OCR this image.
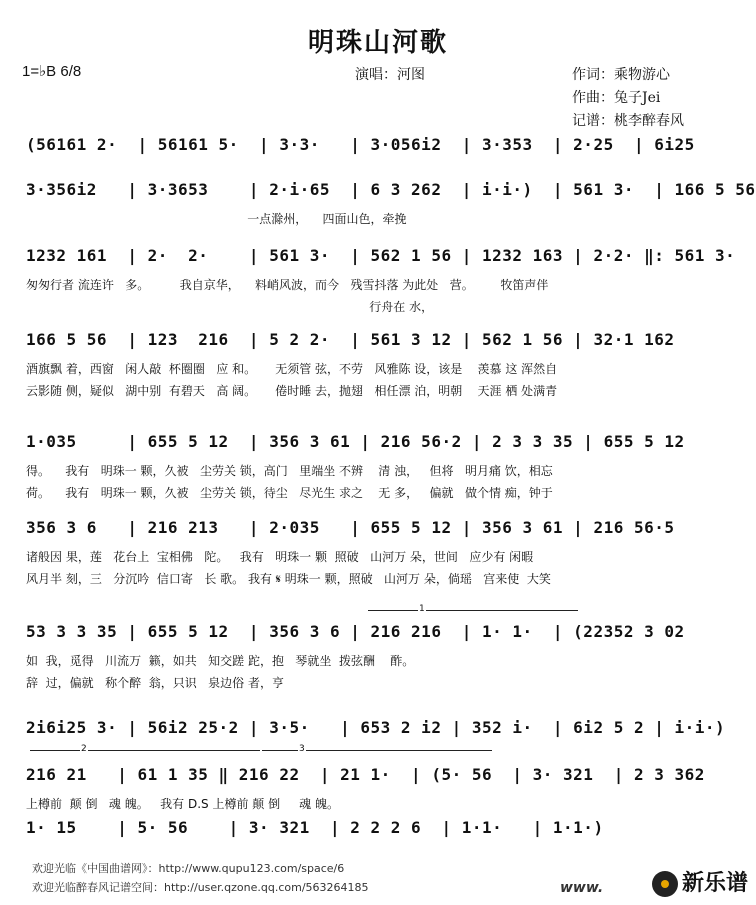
明珠山河歌
1=♭B 6/8	演唱：河图	作词：乘物游心
作曲：兔子Jei
记谱：桃李醉春风
(56161 2·  | 56161 5·  | 3·3·   | 3·056i2  | 3·353  | 2·25  | 6i25
3·356i2   | 3·3653    | 2·i·65  | 6 3 262  | i·i·)  | 561 3·  | 166 5 56
一点滁州，    四面山色，牵挽
1232 161  | 2·  2·    | 561 3·  | 562 1 56 | 1232 163 | 2·2· ‖: 561 3·
匆匆行者 流连许   多。        我自京华，    料峭风波，而今   残雪抖落 为此处   营。       牧笛声伴
行舟在 水，
166 5 56  | 123  216  | 5 2 2·  | 561 3 12 | 562 1 56 | 32·1 162
酒旗飘 着，西窗   闲人敲  杯圈圈   应 和。     无须管 弦，不劳   风雅陈 设，该是    羡慕 这 浑然自
云影随 侧，疑似   湖中别  有碧天   高 阔。     倦时睡 去，抛翅   相任漂 泊，明朝    天涯 栖 处满青
1·035     | 655 5 12  | 356 3 61 | 216 56·2 | 2 3 3 35 | 655 5 12
得。    我有   明珠一 颗，久被   尘劳关 锁，高门   里端坐 不辨    清 浊，   但将   明月痛 饮，相忘
荷。    我有   明珠一 颗，久被   尘劳关 锁，待尘   尽光生 求之    无 多，   偏就   做个情 痴，钟于
356 3 6   | 216 213   | 2·035   | 655 5 12 | 356 3 61 | 216 56·5
诸般因 果，莲   花台上  宝相佛   陀。   我有   明珠一 颗  照破   山河万 朵，世间   应少有 闲暇
风月半 刻，三   分沉吟  信口寄   长 歌。 我有 𝄋 明珠一 颗，照破   山河万 朵，倘瑶   宫来使  大笑
53 3 3 35 | 655 5 12  | 356 3 6 | 216 216  | 1· 1·  | (22352 3 02
如  我，觅得   川流万  籁，如共   知交蹉 跎，抱   琴就坐  拨弦酬    酢。
辞  过，偏就   称个醉  翁，只识   泉边俗 者，亨
2i6i25 3· | 56i2 25·2 | 3·5·   | 653 2 i2 | 352 i·  | 6i2 5 2 | i·i·)
216 21   | 61 1 35 ‖ 216 22  | 21 1·  | (5· 56  | 3· 321  | 2 3 362
上樽前  颠 倒   魂 魄。   我有 D.S 上樽前 颠 倒     魂 魄。
1· 15    | 5· 56    | 3· 321  | 2 2 2 6  | 1·1·   | 1·1·)
1
2	3
欢迎光临《中国曲谱网》：http://www.qupu123.com/space/6
欢迎光临醉春风记谱空间：http://user.qzone.qq.com/563264185	www.	新乐谱
